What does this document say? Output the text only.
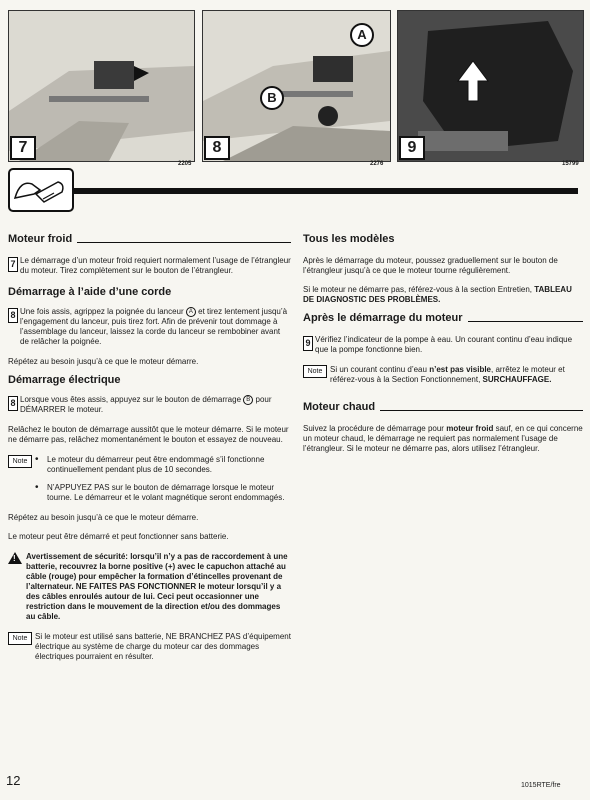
7
2205
A
B
8
2276
9
15799
Moteur froid

7 Le démarrage d’un moteur froid requiert normalement l’usage de l’étrangleur du moteur. Tirez complètement sur le bouton de l’étrangleur.

Démarrage à l’aide d’une corde

8 Une fois assis, agrippez la poignée du lanceur A et tirez lentement jusqu’à l’engagement du lanceur, puis tirez fort. Afin de prévenir tout dommage à l’assemblage du lanceur, laissez la corde du lanceur se rembobiner avant de relâcher la poignée.

Répétez au besoin jusqu’à ce que le moteur démarre.

Démarrage électrique

8 Lorsque vous êtes assis, appuyez sur le bouton de démarrage B pour DÉMARRER le moteur.

Relâchez le bouton de démarrage aussitôt que le moteur démarre. Si le moteur ne démarre pas, relâchez momentanément le bouton et essayez de nouveau.

Note

•	Le moteur du démarreur peut être endommagé s’il fonctionne continuellement pendant plus de 10 secondes.

• N’APPUYEZ PAS sur le bouton de démarrage lorsque le moteur tourne. Le démarreur et le volant magnétique seront endommagés.

Répétez au besoin jusqu’à ce que le moteur démarre.

Le moteur peut être démarré et peut fonctionner sans batterie.

! Avertissement de sécurité: lorsqu’il n’y a pas de raccordement à une batterie, recouvrez la borne positive (+) avec le capuchon attaché au câble (rouge) pour empêcher la formation d’étincelles provenant de l’alternateur. NE FAITES PAS FONCTIONNER le moteur lorsqu’il y a des câbles enroulés autour de lui. Ceci peut occasionner une restriction dans le mouvement de la direction et/ou des dommages au câble.

Note Si le moteur est utilisé sans batterie, NE BRANCHEZ PAS d’équipement électrique au système de charge du moteur car des dommages électriques pourraient en résulter.

Tous les modèles

Après le démarrage du moteur, poussez graduellement sur le bouton de l’étrangleur jusqu’à ce que le moteur tourne régulièrement.

Si le moteur ne démarre pas, référez-vous à la section Entretien, TABLEAU DE DIAGNOSTIC DES PROBLÈMES.

Après le démarrage du moteur

9 Vérifiez l’indicateur de la pompe à eau. Un courant continu d’eau indique que la pompe fonctionne bien.

Note Si un courant continu d’eau n’est pas visible, arrêtez le moteur et référez-vous à la Section Fonctionnement, SURCHAUFFAGE.

Moteur chaud

Suivez la procédure de démarrage pour moteur froid sauf, en ce qui concerne un moteur chaud, le démarrage ne requiert pas normalement l’usage de l’étrangleur. Si le moteur ne démarre pas, alors utilisez l’étrangleur.

12	1015RTE/fre
